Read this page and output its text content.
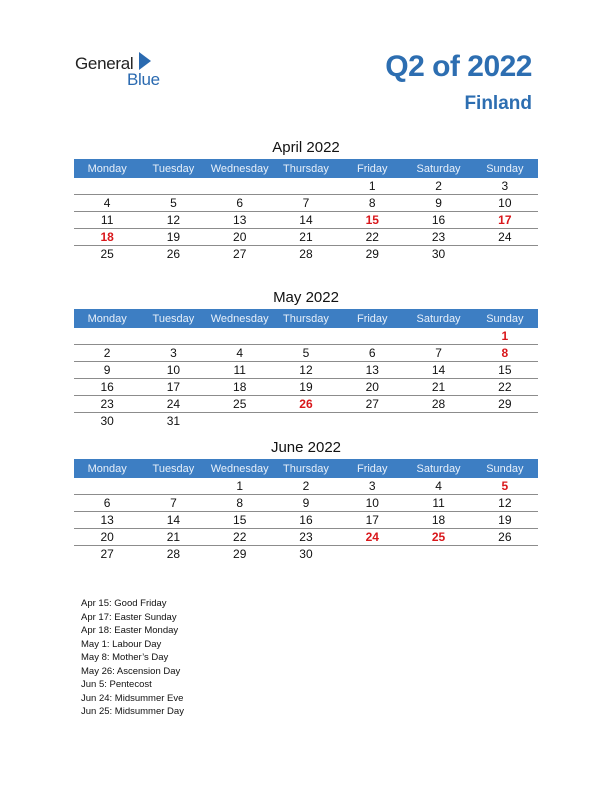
General
Blue	Q2 of 2022
Finland
April 2022
Monday	Tuesday	Wednesday	Thursday	Friday	Saturday	Sunday
				1	2	3
4	5	6	7	8	9	10
11	12	13	14	15	16	17
18	19	20	21	22	23	24
25	26	27	28	29	30	
May 2022
Monday	Tuesday	Wednesday	Thursday	Friday	Saturday	Sunday
						1
2	3	4	5	6	7	8
9	10	11	12	13	14	15
16	17	18	19	20	21	22
23	24	25	26	27	28	29
30	31					
June 2022
Monday	Tuesday	Wednesday	Thursday	Friday	Saturday	Sunday
		1	2	3	4	5
6	7	8	9	10	11	12
13	14	15	16	17	18	19
20	21	22	23	24	25	26
27	28	29	30			
Apr 15: Good Friday
Apr 17: Easter Sunday
Apr 18: Easter Monday
May 1: Labour Day
May 8: Mother’s Day
May 26: Ascension Day
Jun 5: Pentecost
Jun 24: Midsummer Eve
Jun 25: Midsummer Day
